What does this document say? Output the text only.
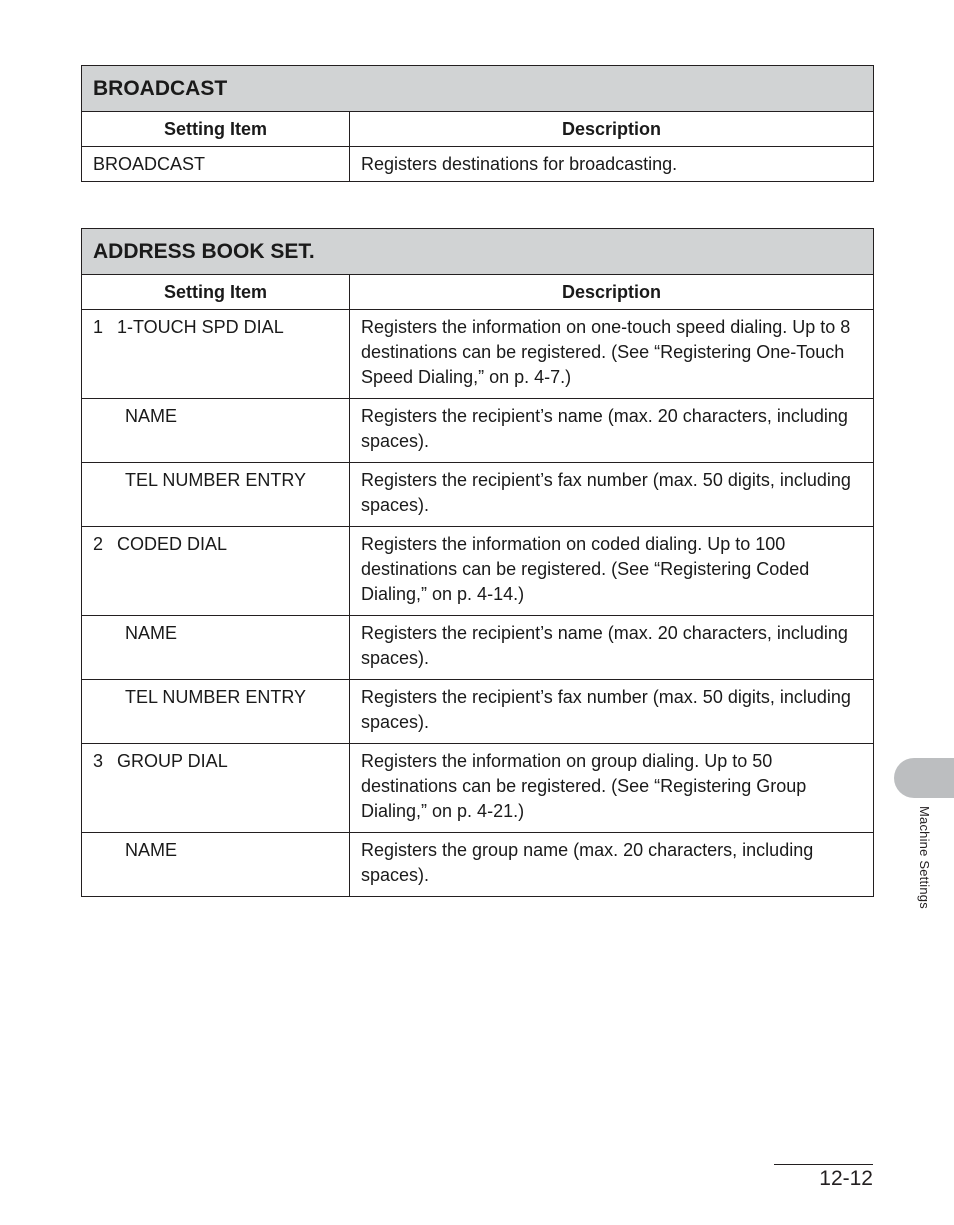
BROADCAST	
Setting Item	Description
BROADCAST	Registers destinations for broadcasting.
ADDRESS BOOK SET.	
Setting Item	Description
1 1-TOUCH SPD DIAL	Registers the information on one-touch speed dialing. Up to 8 destinations can be registered. (See “Registering One-Touch Speed Dialing,” on p. 4-7.)
NAME	Registers the recipient’s name (max. 20 characters, including spaces).
TEL NUMBER ENTRY	Registers the recipient’s fax number (max. 50 digits, including spaces).
2 CODED DIAL	Registers the information on coded dialing. Up to 100 destinations can be registered. (See “Registering Coded Dialing,” on p. 4-14.)
NAME	Registers the recipient’s name (max. 20 characters, including spaces).
TEL NUMBER ENTRY	Registers the recipient’s fax number (max. 50 digits, including spaces).
3 GROUP DIAL	Registers the information on group dialing. Up to 50 destinations can be registered. (See “Registering Group Dialing,” on p. 4-21.)
NAME	Registers the group name (max. 20 characters, including spaces).	Machine Settings
12-12
